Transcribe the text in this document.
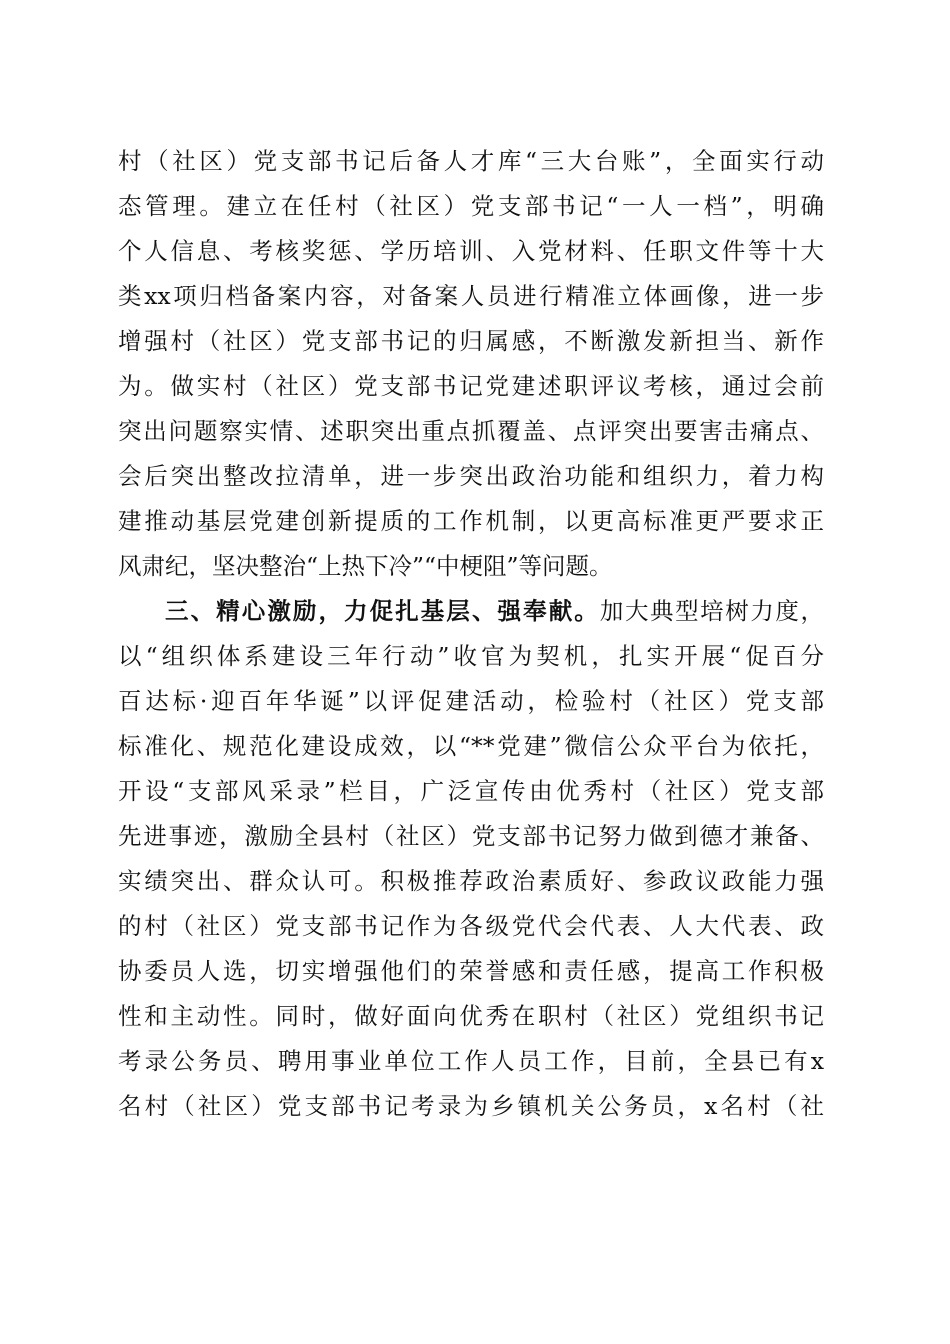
村（社区）党支部书记后备人才库“三大台账”，全面实行动
态管理。建立在任村（社区）党支部书记“一人一档”，明确
个人信息、考核奖惩、学历培训、入党材料、任职文件等十大
类xx项归档备案内容，对备案人员进行精准立体画像，进一步
增强村（社区）党支部书记的归属感，不断激发新担当、新作
为。做实村（社区）党支部书记党建述职评议考核，通过会前
突出问题察实情、述职突出重点抓覆盖、点评突出要害击痛点、
会后突出整改拉清单，进一步突出政治功能和组织力，着力构
建推动基层党建创新提质的工作机制，以更高标准更严要求正
风肃纪，坚决整治“上热下冷”“中梗阻”等问题。
三、精心激励，力促扎基层、强奉献。加大典型培树力度，
以“组织体系建设三年行动”收官为契机，扎实开展“促百分
百达标·迎百年华诞”以评促建活动，检验村（社区）党支部
标准化、规范化建设成效，以“**党建”微信公众平台为依托，
开设“支部风采录”栏目，广泛宣传由优秀村（社区）党支部
先进事迹，激励全县村（社区）党支部书记努力做到德才兼备、
实绩突出、群众认可。积极推荐政治素质好、参政议政能力强
的村（社区）党支部书记作为各级党代会代表、人大代表、政
协委员人选，切实增强他们的荣誉感和责任感，提高工作积极
性和主动性。同时，做好面向优秀在职村（社区）党组织书记
考录公务员、聘用事业单位工作人员工作，目前，全县已有x
名村（社区）党支部书记考录为乡镇机关公务员，x名村（社
